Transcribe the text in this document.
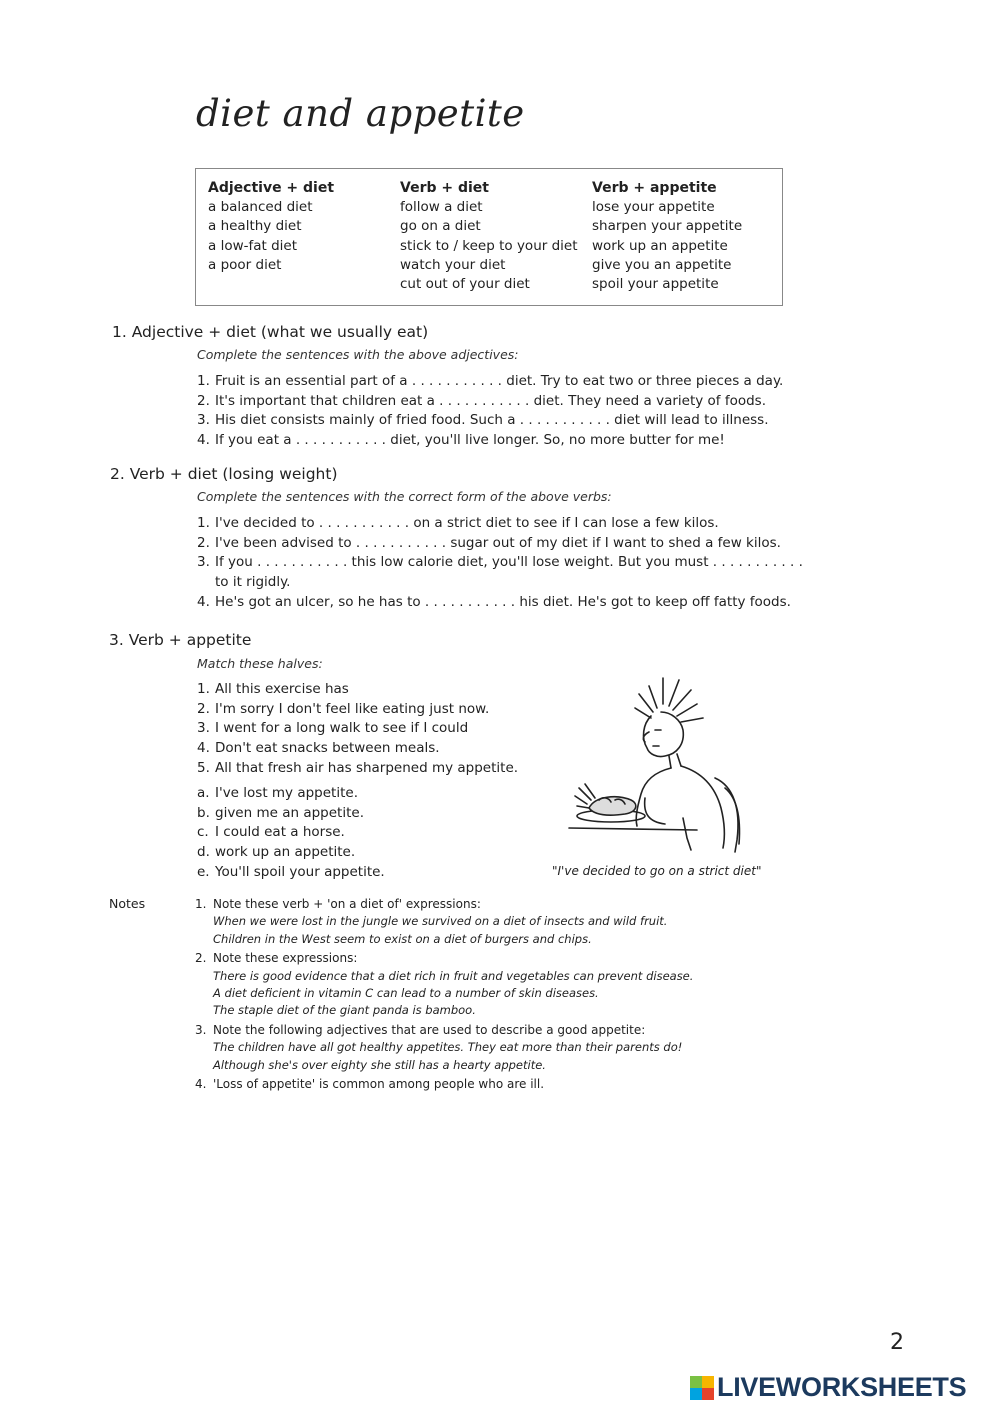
diet and appetite
Adjective + diet
a balanced diet
a healthy diet
a low-fat diet
a poor diet
Verb + diet
follow a diet
go on a diet
stick to / keep to your diet
watch your diet
cut out of your diet
Verb + appetite
lose your appetite
sharpen your appetite
work up an appetite
give you an appetite
spoil your appetite
1. Adjective + diet (what we usually eat)
Complete the sentences with the above adjectives:
1. Fruit is an essential part of a . . . . . . . . . . . diet. Try to eat two or three pieces a day.
2. It's important that children eat a . . . . . . . . . . . diet. They need a variety of foods.
3. His diet consists mainly of fried food. Such a . . . . . . . . . . . diet will lead to illness.
4. If you eat a . . . . . . . . . . . diet, you'll live longer. So, no more butter for me!
2. Verb + diet (losing weight)
Complete the sentences with the correct form of the above verbs:
1. I've decided to . . . . . . . . . . . on a strict diet to see if I can lose a few kilos.
2. I've been advised to . . . . . . . . . . . sugar out of my diet if I want to shed a few kilos.
3. If you . . . . . . . . . . . this low calorie diet, you'll lose weight. But you must . . . . . . . . . . .
to it rigidly.
4. He's got an ulcer, so he has to . . . . . . . . . . . his diet. He's got to keep off fatty foods.
3. Verb + appetite
Match these halves:
1. All this exercise has
2. I'm sorry I don't feel like eating just now.
3. I went for a long walk to see if I could
4. Don't eat snacks between meals.
5. All that fresh air has sharpened my appetite.
a. I've lost my appetite.
b. given me an appetite.
c. I could eat a horse.
d. work up an appetite.
e. You'll spoil your appetite.	"I've decided to go on a strict diet"
Notes	1. Note these verb + 'on a diet of' expressions:
When we were lost in the jungle we survived on a diet of insects and wild fruit.
Children in the West seem to exist on a diet of burgers and chips.
2. Note these expressions:
There is good evidence that a diet rich in fruit and vegetables can prevent disease.
A diet deficient in vitamin C can lead to a number of skin diseases.
The staple diet of the giant panda is bamboo.
3. Note the following adjectives that are used to describe a good appetite:
The children have all got healthy appetites. They eat more than their parents do!
Although she's over eighty she still has a hearty appetite.
4. 'Loss of appetite' is common among people who are ill.
2
LIVEWORKSHEETS
